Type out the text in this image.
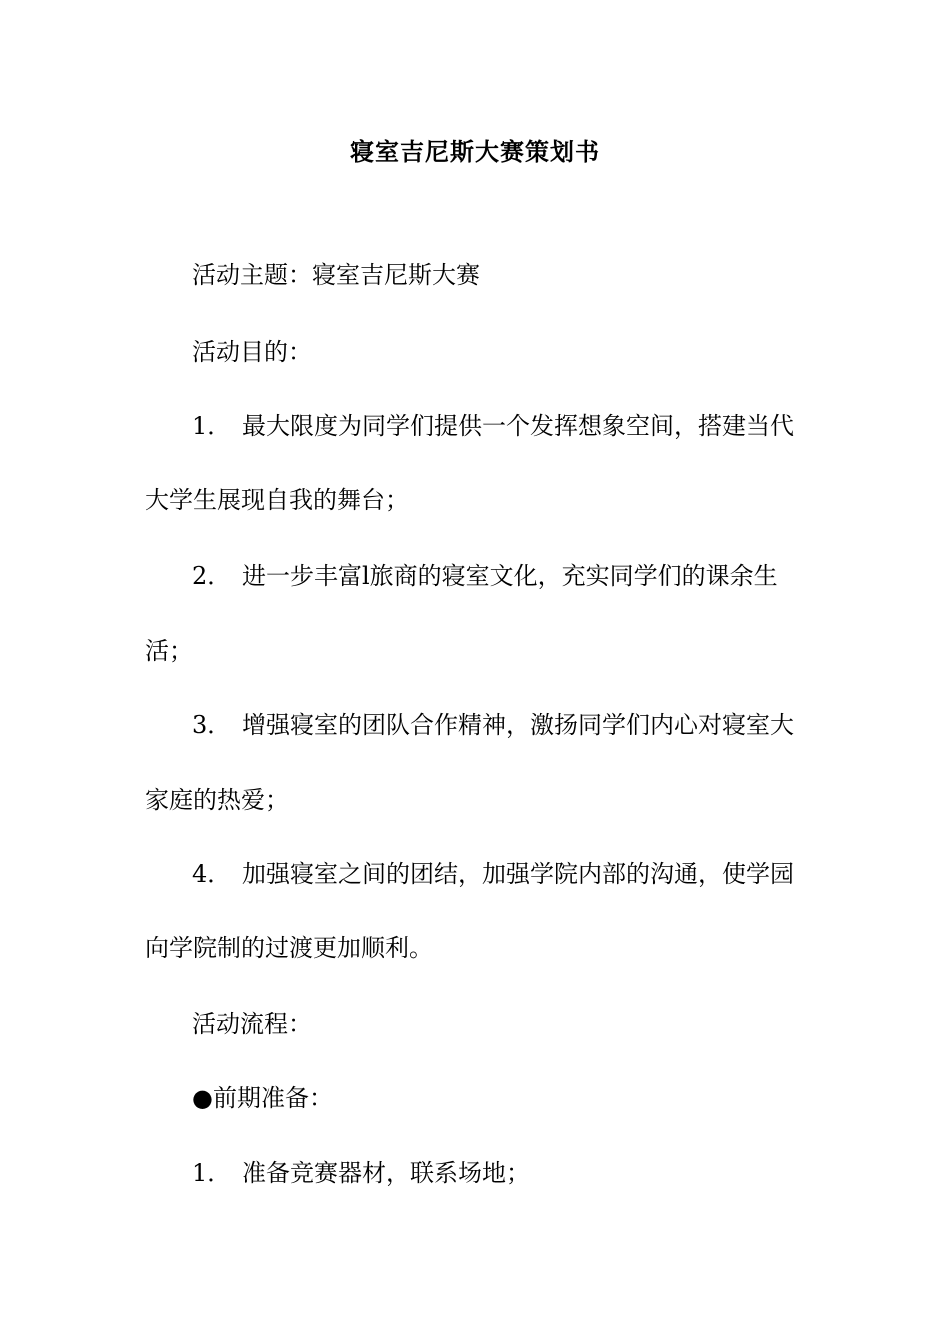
寝室吉尼斯大赛策划书
活动主题：寝室吉尼斯大赛
活动目的：
1． 最大限度为同学们提供一个发挥想象空间，搭建当代
大学生展现自我的舞台；
2． 进一步丰富l旅商的寝室文化，充实同学们的课余生
活；
3． 增强寝室的团队合作精神，激扬同学们内心对寝室大
家庭的热爱；
4． 加强寝室之间的团结，加强学院内部的沟通，使学园
向学院制的过渡更加顺利。
活动流程：
●前期准备：
1． 准备竞赛器材，联系场地；
